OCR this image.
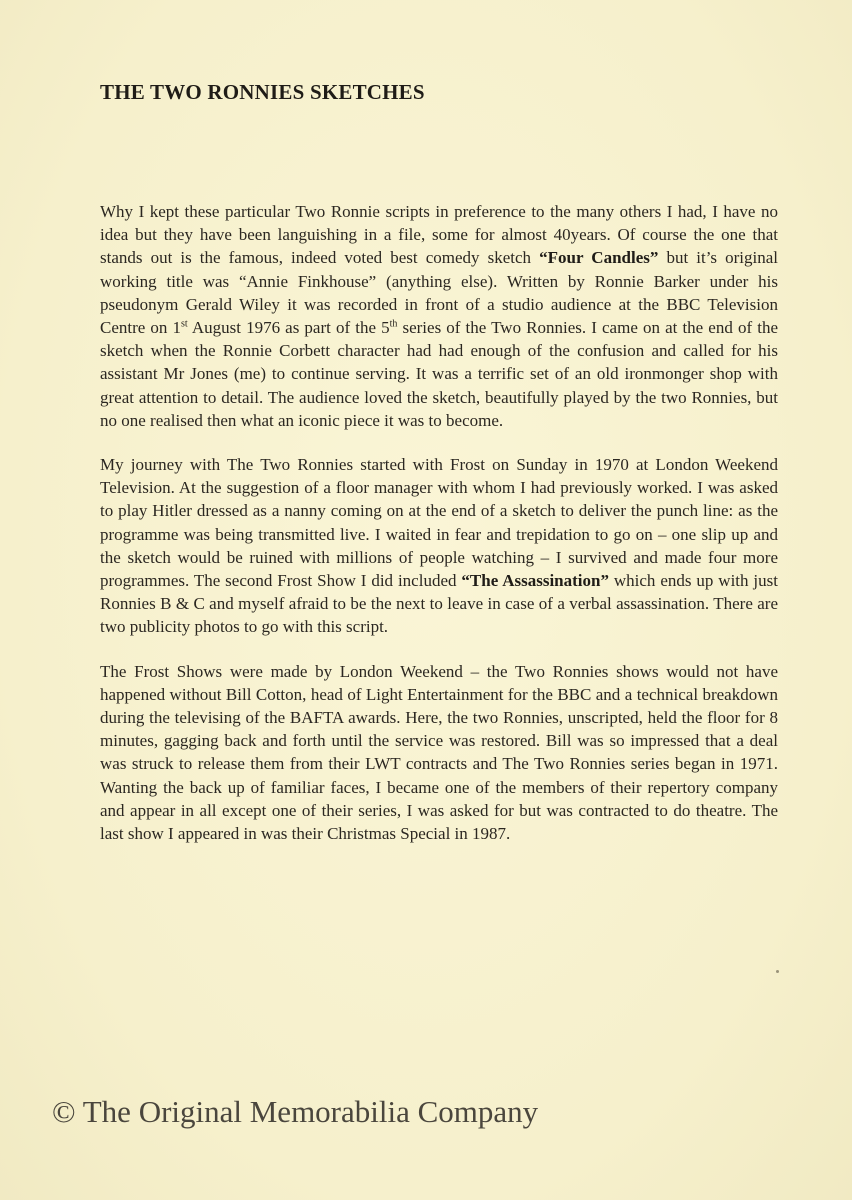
THE TWO RONNIES SKETCHES

Why I kept these particular Two Ronnie scripts in preference to the many others I had, I have no idea but they have been languishing in a file, some for almost 40years. Of course the one that stands out is the famous, indeed voted best comedy sketch “Four Candles” but it’s original working title was “Annie Finkhouse” (anything else). Written by Ronnie Barker under his pseudonym Gerald Wiley it was recorded in front of a studio audience at the BBC Television Centre on 1st August 1976 as part of the 5th series of the Two Ronnies. I came on at the end of the sketch when the Ronnie Corbett character had had enough of the confusion and called for his assistant Mr Jones (me) to continue serving. It was a terrific set of an old ironmonger shop with great attention to detail. The audience loved the sketch, beautifully played by the two Ronnies, but no one realised then what an iconic piece it was to become.

My journey with The Two Ronnies started with Frost on Sunday in 1970 at London Weekend Television. At the suggestion of a floor manager with whom I had previously worked. I was asked to play Hitler dressed as a nanny coming on at the end of a sketch to deliver the punch line: as the programme was being transmitted live. I waited in fear and trepidation to go on – one slip up and the sketch would be ruined with millions of people watching – I survived and made four more programmes. The second Frost Show I did included “The Assassination” which ends up with just Ronnies B & C and myself afraid to be the next to leave in case of a verbal assassination. There are two publicity photos to go with this script.

The Frost Shows were made by London Weekend – the Two Ronnies shows would not have happened without Bill Cotton, head of Light Entertainment for the BBC and a technical breakdown during the televising of the BAFTA awards. Here, the two Ronnies, unscripted, held the floor for 8 minutes, gagging back and forth until the service was restored. Bill was so impressed that a deal was struck to release them from their LWT contracts and The Two Ronnies series began in 1971. Wanting the back up of familiar faces, I became one of the members of their repertory company and appear in all except one of their series, I was asked for but was contracted to do theatre. The last show I appeared in was their Christmas Special in 1987.

© The Original Memorabilia Company
